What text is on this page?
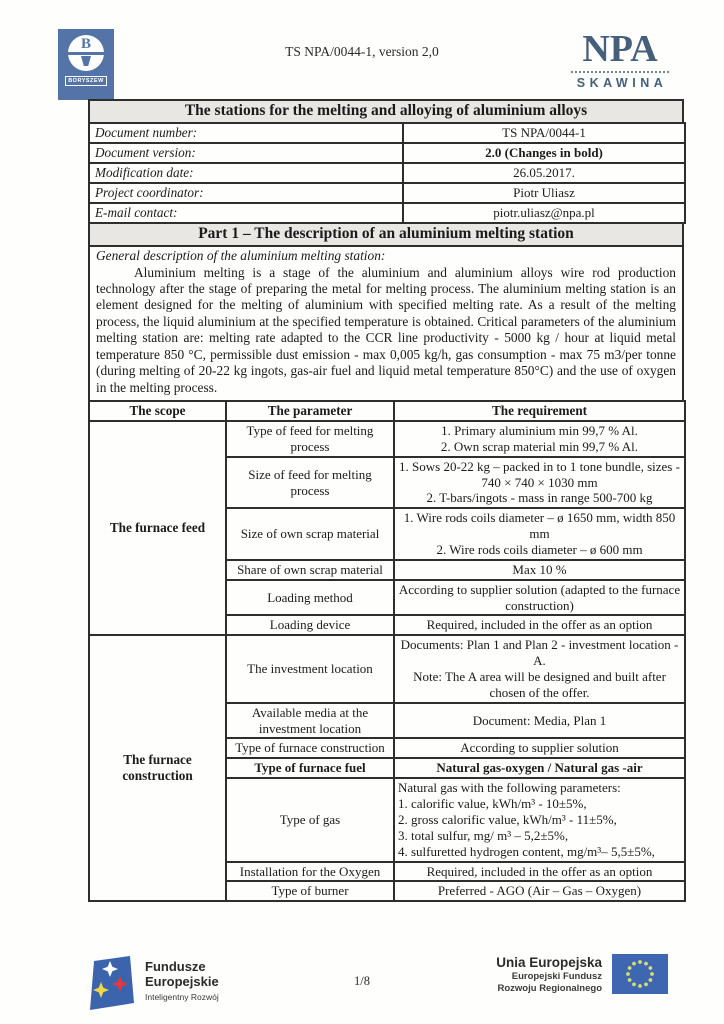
B
BORYSZEW
TS NPA/0044-1, version 2,0	NPA
SKAWINA
The stations for the melting and alloying of aluminium alloys
Document number:	TS NPA/0044-1
Document version:	2.0 (Changes in bold)
Modification date:	26.05.2017.
Project coordinator:	Piotr Uliasz
E-mail contact:	piotr.uliasz@npa.pl
Part 1 – The description of an aluminium melting station
General description of the aluminium melting station:

Aluminium melting is a stage of the aluminium and aluminium alloys wire rod production technology after the stage of preparing the metal for melting process. The aluminium melting station is an element designed for the melting of aluminium with specified melting rate. As a result of the melting process, the liquid aluminium at the specified temperature is obtained. Critical parameters of the aluminium melting station are: melting rate adapted to the CCR line productivity - 5000 kg / hour at liquid metal temperature 850 °C, permissible dust emission - max 0,005 kg/h, gas consumption - max 75 m3/per tonne (during melting of 20-22 kg ingots, gas-air fuel and liquid metal temperature 850°C) and the use of oxygen in the melting process.

The scope	The parameter	The requirement
The furnace feed	Type of feed for melting process	1. Primary aluminium min 99,7 % Al.
2. Own scrap material min 99,7 % Al.

	Size of feed for melting process	1. Sows 20-22 kg – packed in to 1 tone bundle, sizes - 740 × 740 × 1030 mm
2. T-bars/ingots - mass in range 500-700 kg

	Size of own scrap material	1. Wire rods coils diameter – ø 1650 mm, width 850 mm
2. Wire rods coils diameter – ø 600 mm

	Share of own scrap material	Max 10 %

	Loading method	According to supplier solution (adapted to the furnace construction)

	Loading device	Required, included in the offer as an option

The furnace construction	The investment location	Documents: Plan 1 and Plan 2 - investment location - A.
Note: The A area will be designed and built after chosen of the offer.

	Available media at the investment location	Document: Media, Plan 1

	Type of furnace construction	According to supplier solution

	Type of furnace fuel	Natural gas-oxygen / Natural gas -air

	Type of gas	Natural gas with the following parameters:
1. calorific value, kWh/m³ - 10±5%,
2. gross calorific value, kWh/m³ - 11±5%,
3. total sulfur, mg/ m³ – 5,2±5%,
4. sulfuretted hydrogen content, mg/m³– 5,5±5%,

	Installation for the Oxygen	Required, included in the offer as an option

	Type of burner	Preferred - AGO (Air – Gas – Oxygen)
Fundusze
Europejskie
Inteligentny Rozwój
1/8
Unia Europejska
Europejski Fundusz
Rozwoju Regionalnego
